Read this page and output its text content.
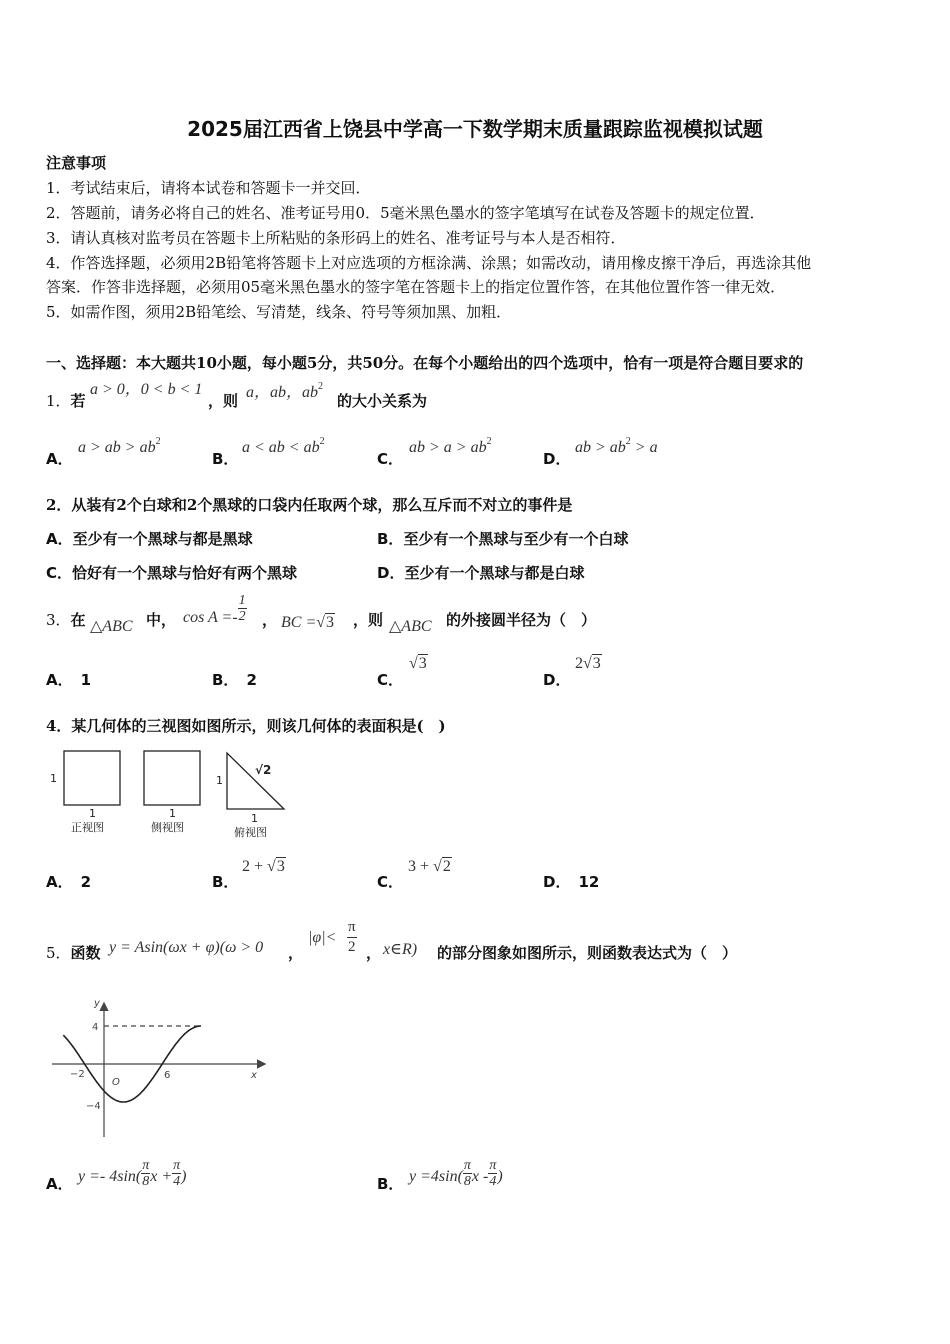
2025届江西省上饶县中学高一下数学期末质量跟踪监视模拟试题
注意事项
1．考试结束后，请将本试卷和答题卡一并交回．
2．答题前，请务必将自己的姓名、准考证号用0．5毫米黑色墨水的签字笔填写在试卷及答题卡的规定位置．
3．请认真核对监考员在答题卡上所粘贴的条形码上的姓名、准考证号与本人是否相符．
4．作答选择题，必须用2B铅笔将答题卡上对应选项的方框涂满、涂黑；如需改动，请用橡皮擦干净后，再选涂其他
答案．作答非选择题，必须用05毫米黑色墨水的签字笔在答题卡上的指定位置作答，在其他位置作答一律无效．
5．如需作图，须用2B铅笔绘、写清楚，线条、符号等须加黑、加粗．
一、选择题：本大题共10小题，每小题5分，共50分。在每个小题给出的四个选项中，恰有一项是符合题目要求的
1．若
a > 0，0 < b < 1
，则 a，ab，$ab^2$
的大小关系为
A．
a > ab > $ab^2$
B．
a < ab < $ab^2$
C．
ab > $a > ab^2$
D．
ab > $ab^2 > a$
2．从装有2个白球和2个黑球的口袋内任取两个球，那么互斥而不对立的事件是
A．至少有一个黑球与都是黑球	B．至少有一个黑球与至少有一个白球
C．恰好有一个黑球与恰好有两个黑球	D．至少有一个黑球与都是白球
3．在 △ABC 中， $\cos A =- \frac{1}{2}$ ， BC =√3 ，则 △ABC 的外接圆半径为（　）
A． 1	B． 2	C．
√3
D．
2√3
4．某几何体的三视图如图所示，则该几何体的表面积是(　)
1
1
正视图
1
侧视图
1
√2
1
俯视图
A． 2	B．
2 + √3
C．
3 + √2
D． 12
5．函数 y = Asin(ωx + φ)(ω > 0 ，
$|\varphi|< \frac{\pi}{2}$ ， x∈R) 的部分图象如图所示，则函数表达式为（　）
y
x
O
4
−4
−2	6
A． $y =- 4\sin( \frac{\pi}{8}$ $x + \frac{\pi}{4}$ )	B． $y =4\sin( \frac{\pi}{8}$ x - $\frac{\pi}{4}$ )
